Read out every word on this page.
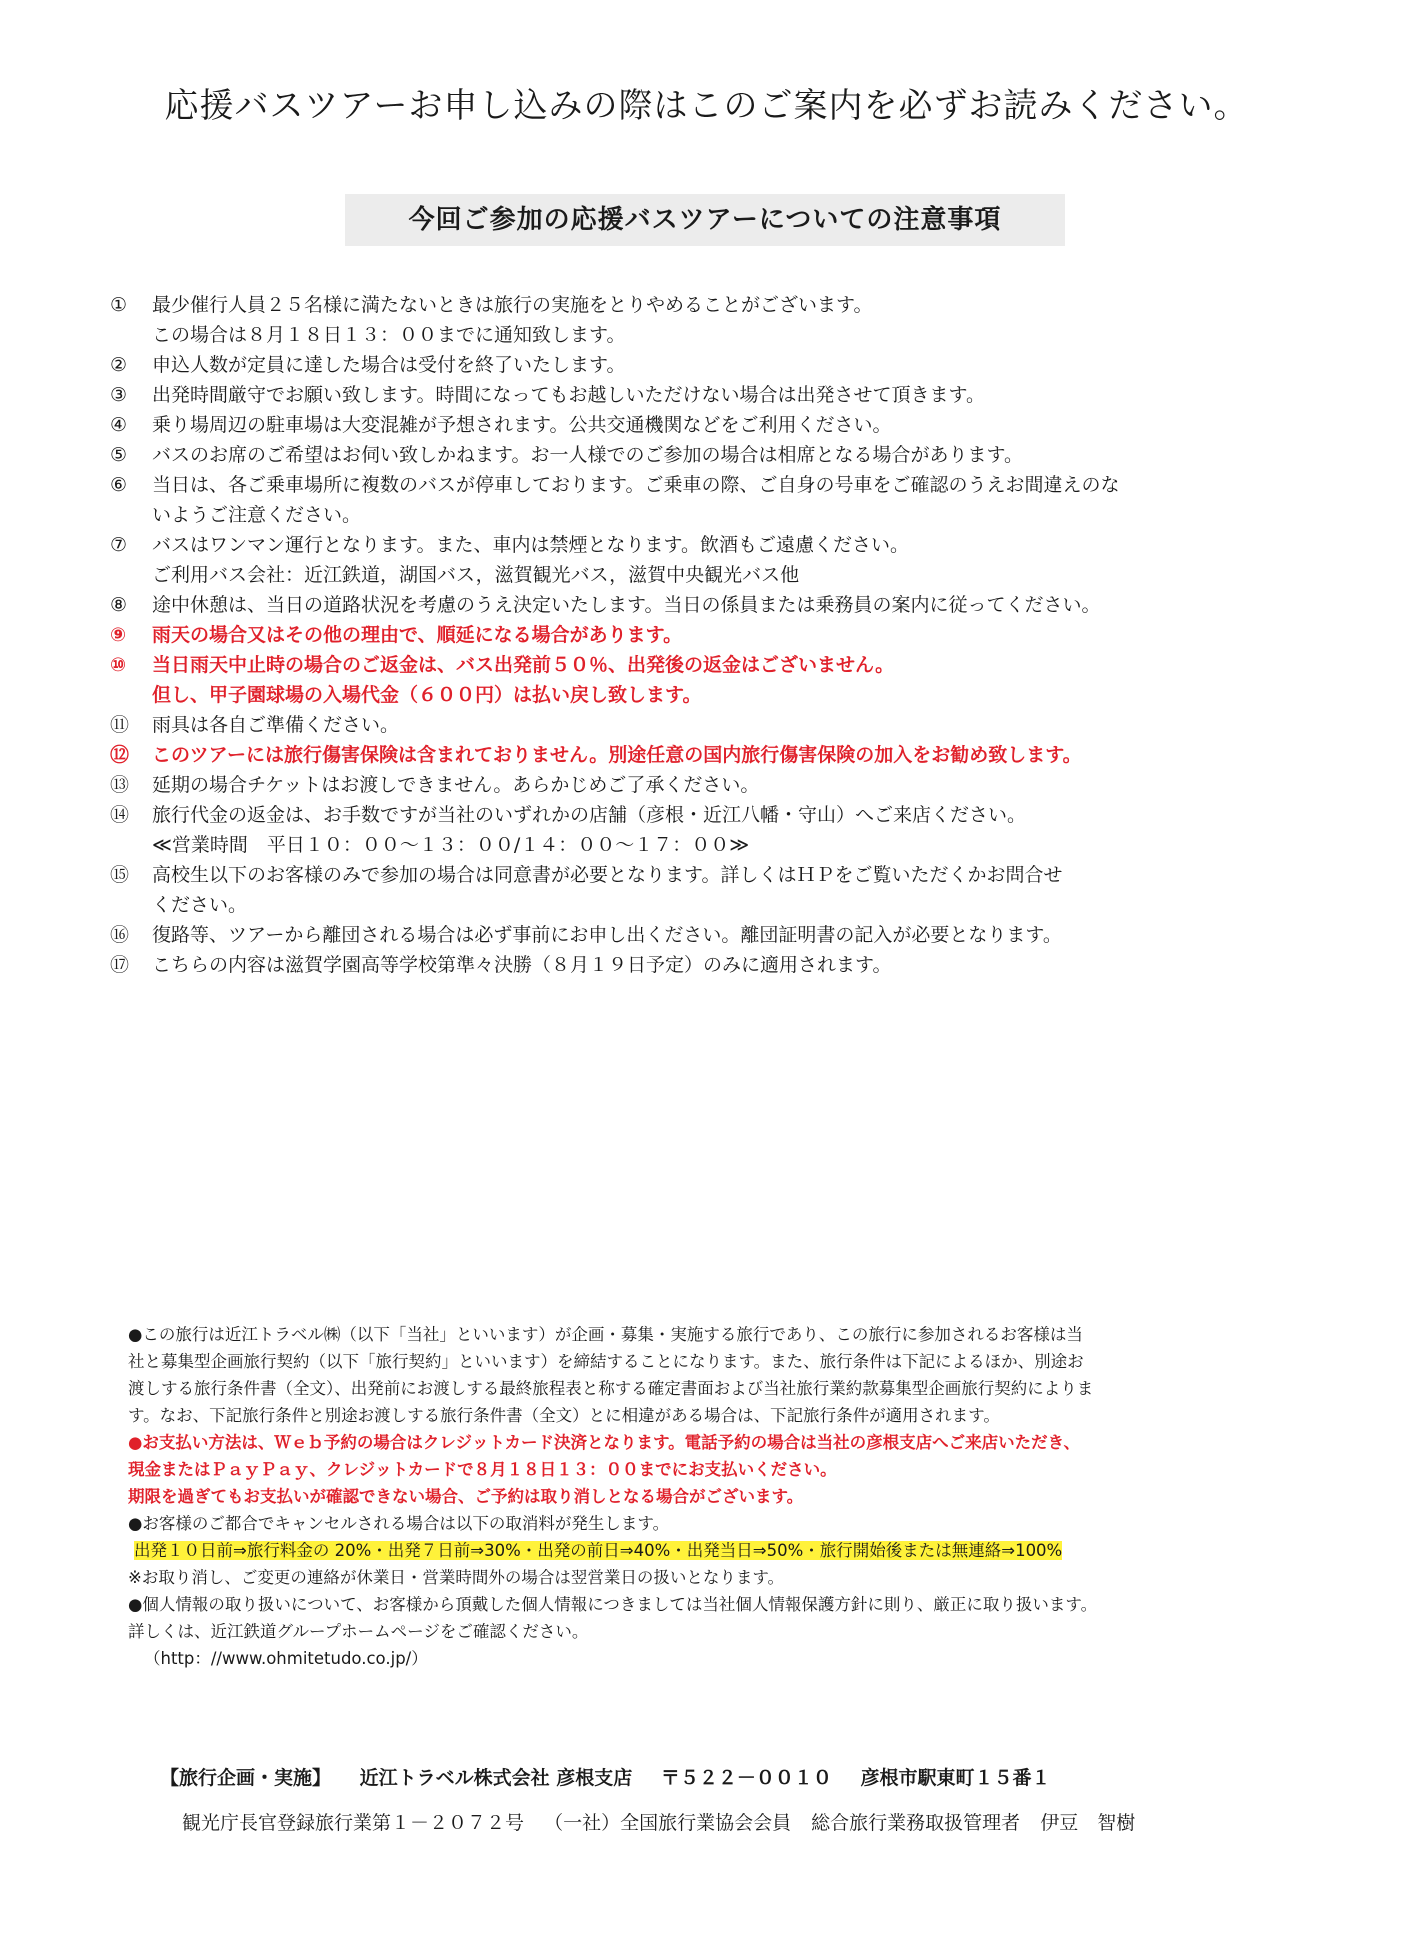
応援バスツアーお申し込みの際はこのご案内を必ずお読みください。
今回ご参加の応援バスツアーについての注意事項
①	最少催行人員２５名様に満たないときは旅行の実施をとりやめることがございます。
この場合は８月１８日１３：００までに通知致します。
②	申込人数が定員に達した場合は受付を終了いたします。
③	出発時間厳守でお願い致します。時間になってもお越しいただけない場合は出発させて頂きます。
④	乗り場周辺の駐車場は大変混雑が予想されます。公共交通機関などをご利用ください。
⑤	バスのお席のご希望はお伺い致しかねます。お一人様でのご参加の場合は相席となる場合があります。
⑥	当日は、各ご乗車場所に複数のバスが停車しております。ご乗車の際、ご自身の号車をご確認のうえお間違えのな
いようご注意ください。
⑦	バスはワンマン運行となります。また、車内は禁煙となります。飲酒もご遠慮ください。
ご利用バス会社：近江鉄道，湖国バス，滋賀観光バス，滋賀中央観光バス他
⑧	途中休憩は、当日の道路状況を考慮のうえ決定いたします。当日の係員または乗務員の案内に従ってください。
⑨	雨天の場合又はその他の理由で、順延になる場合があります。
⑩	当日雨天中止時の場合のご返金は、バス出発前５０％、出発後の返金はございません。
但し、甲子園球場の入場代金（６００円）は払い戻し致します。
⑪	雨具は各自ご準備ください。
⑫	このツアーには旅行傷害保険は含まれておりません。別途任意の国内旅行傷害保険の加入をお勧め致します。
⑬	延期の場合チケットはお渡しできません。あらかじめご了承ください。
⑭	旅行代金の返金は、お手数ですが当社のいずれかの店舗（彦根・近江八幡・守山）へご来店ください。
≪営業時間　平日１０：００～１３：００/１４：００～１７：００≫
⑮	高校生以下のお客様のみで参加の場合は同意書が必要となります。詳しくはＨＰをご覧いただくかお問合せ
ください。
⑯	復路等、ツアーから離団される場合は必ず事前にお申し出ください。離団証明書の記入が必要となります。
⑰	こちらの内容は滋賀学園高等学校第準々決勝（８月１９日予定）のみに適用されます。

●この旅行は近江トラベル㈱（以下「当社」といいます）が企画・募集・実施する旅行であり、この旅行に参加されるお客様は当

社と募集型企画旅行契約（以下「旅行契約」といいます）を締結することになります。また、旅行条件は下記によるほか、別途お

渡しする旅行条件書（全文）、出発前にお渡しする最終旅程表と称する確定書面および当社旅行業約款募集型企画旅行契約によりま

す。なお、下記旅行条件と別途お渡しする旅行条件書（全文）とに相違がある場合は、下記旅行条件が適用されます。

●お支払い方法は、Ｗｅｂ予約の場合はクレジットカード決済となります。電話予約の場合は当社の彦根支店へご来店いただき、

現金またはＰａｙＰａｙ、クレジットカードで８月１８日１３：００までにお支払いください。

期限を過ぎてもお支払いが確認できない場合、ご予約は取り消しとなる場合がございます。

●お客様のご都合でキャンセルされる場合は以下の取消料が発生します。

出発１０日前⇒旅行料金の 20%・出発７日前⇒30%・出発の前日⇒40%・出発当日⇒50%・旅行開始後または無連絡⇒100%

※お取り消し、ご変更の連絡が休業日・営業時間外の場合は翌営業日の扱いとなります。

●個人情報の取り扱いについて、お客様から頂戴した個人情報につきましては当社個人情報保護方針に則り、厳正に取り扱います。

詳しくは、近江鉄道グループホームページをご確認ください。

（http：//www.ohmitetudo.co.jp/）

【旅行企画・実施】 近江トラベル株式会社 彦根支店 〒５２２－００１０ 彦根市駅東町１５番１
観光庁長官登録旅行業第１－２０７２号 （一社）全国旅行業協会会員 総合旅行業務取扱管理者 伊豆　智樹
